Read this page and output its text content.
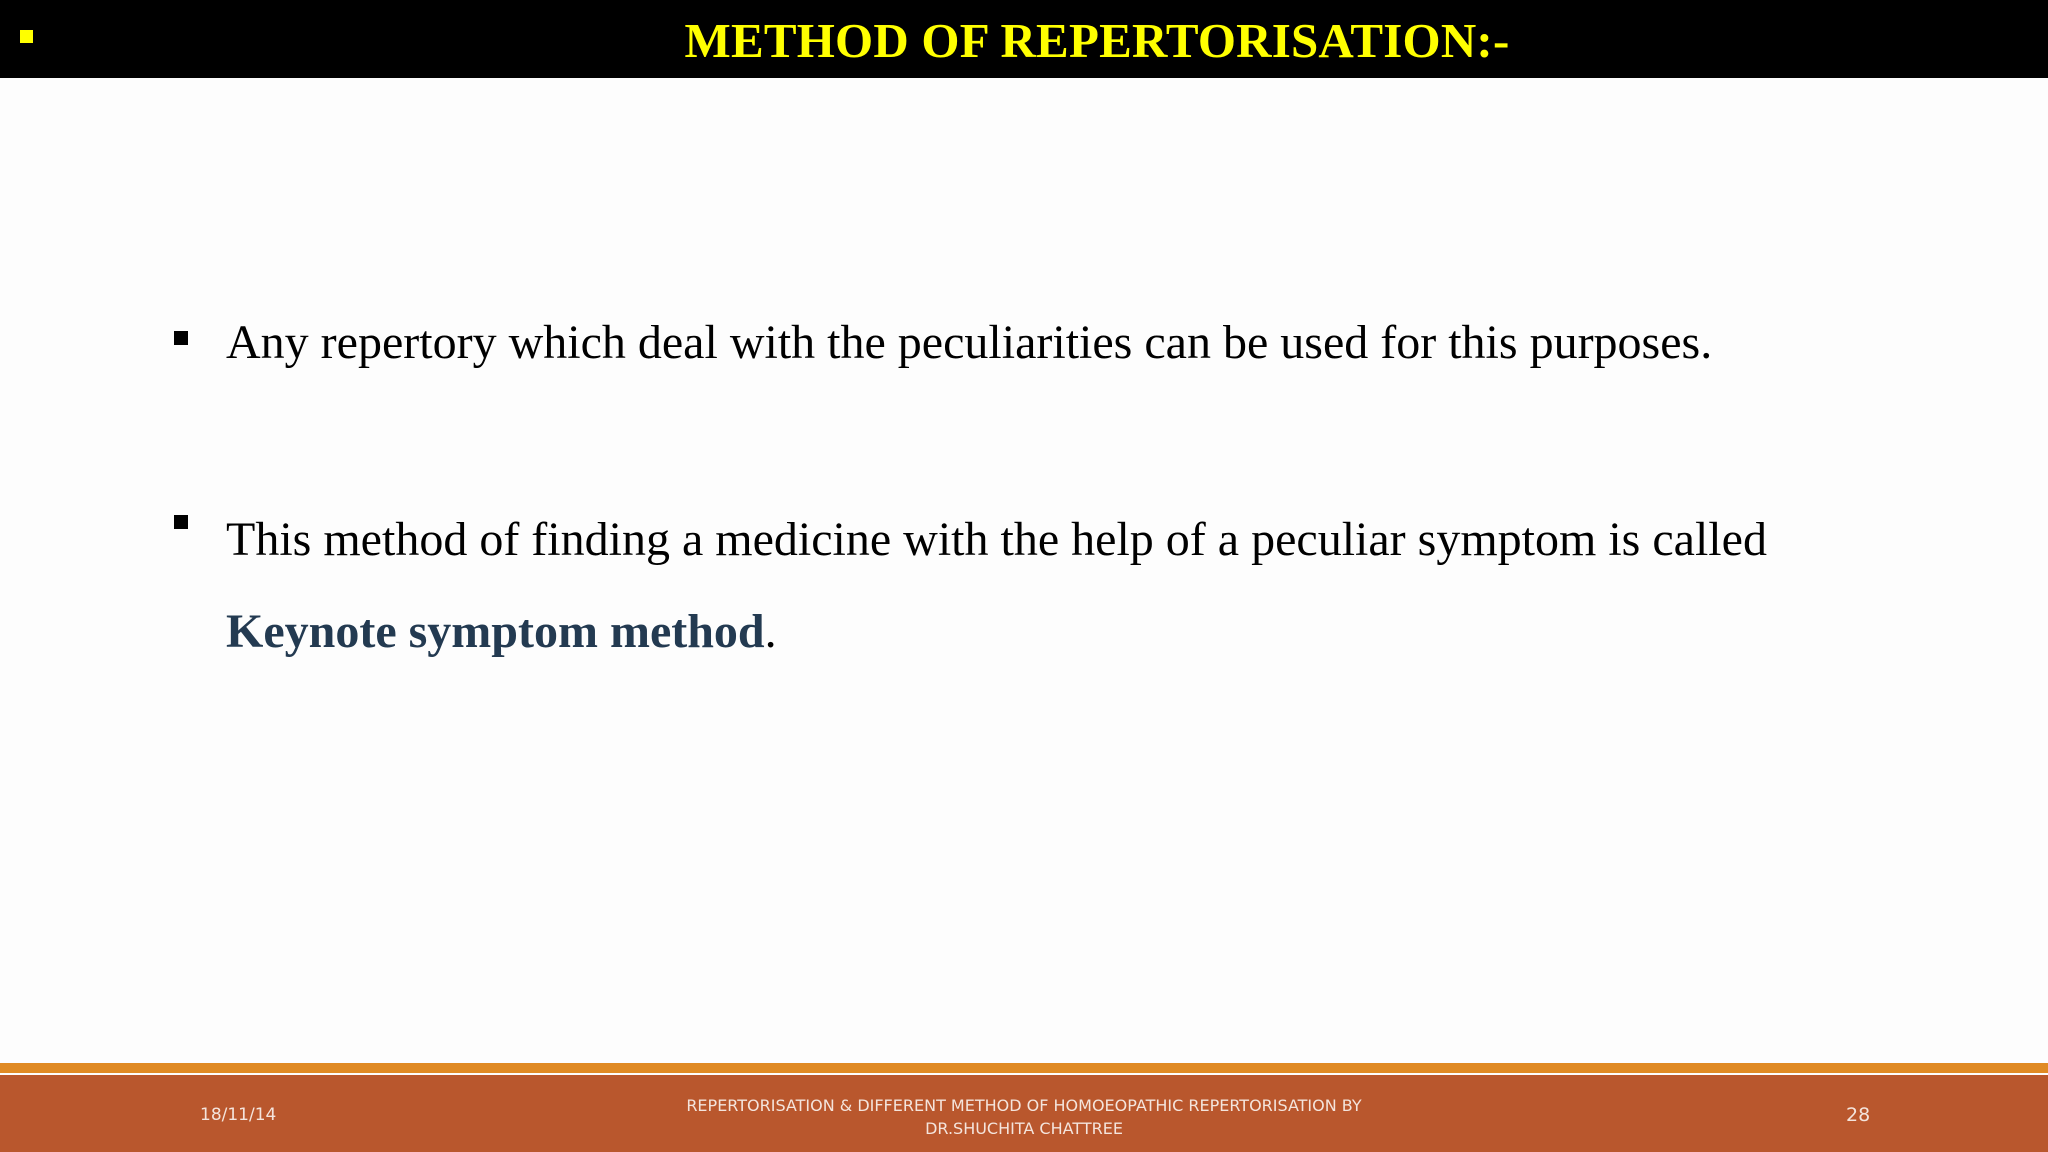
METHOD OF REPERTORISATION:-
Any repertory which deal with the peculiarities can be used for this purposes.
This method of finding a medicine with the help of a peculiar symptom is called Keynote symptom method.
18/11/14	REPERTORISATION & DIFFERENT METHOD OF HOMOEOPATHIC REPERTORISATION BY
DR.SHUCHITA CHATTREE
28
